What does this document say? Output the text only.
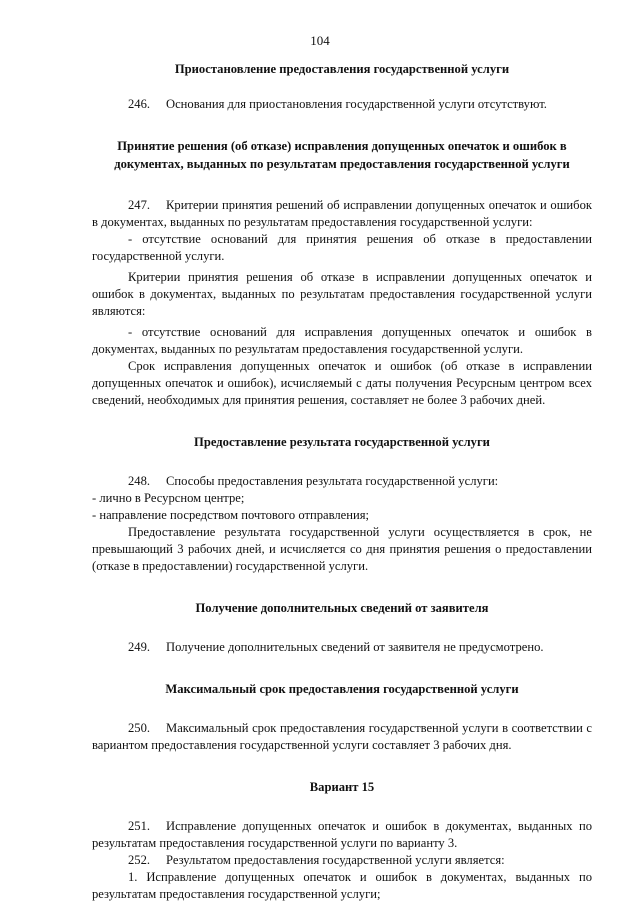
104

Приостановление предоставления государственной услуги

246. Основания для приостановления государственной услуги отсутствуют.

Принятие решения (об отказе) исправления допущенных опечаток и ошибок в

документах, выданных по результатам предоставления государственной услуги

247. Критерии принятия решений об исправлении допущенных опечаток и ошибок в документах, выданных по результатам предоставления государственной услуги:

- отсутствие оснований для принятия решения об отказе в предоставлении государственной услуги.

Критерии принятия решения об отказе в исправлении допущенных опечаток и ошибок в документах, выданных по результатам предоставления государственной услуги являются:

- отсутствие оснований для исправления допущенных опечаток и ошибок в документах, выданных по результатам предоставления государственной услуги.

Срок исправления допущенных опечаток и ошибок (об отказе в исправлении допущенных опечаток и ошибок), исчисляемый с даты получения Ресурсным центром всех сведений, необходимых для принятия решения, составляет не более 3 рабочих дней.

Предоставление результата государственной услуги

248. Способы предоставления результата государственной услуги:

- лично в Ресурсном центре;

- направление посредством почтового отправления;

Предоставление результата государственной услуги осуществляется в срок, не превышающий 3 рабочих дней, и исчисляется со дня принятия решения о предоставлении (отказе в предоставлении) государственной услуги.

Получение дополнительных сведений от заявителя

249. Получение дополнительных сведений от заявителя не предусмотрено.

Максимальный срок предоставления государственной услуги

250. Максимальный срок предоставления государственной услуги в соответствии с вариантом предоставления государственной услуги составляет 3 рабочих дня.

Вариант 15

251. Исправление допущенных опечаток и ошибок в документах, выданных по результатам предоставления государственной услуги по варианту 3.

252. Результатом предоставления государственной услуги является:

1. Исправление допущенных опечаток и ошибок в документах, выданных по результатам предоставления государственной услуги;
